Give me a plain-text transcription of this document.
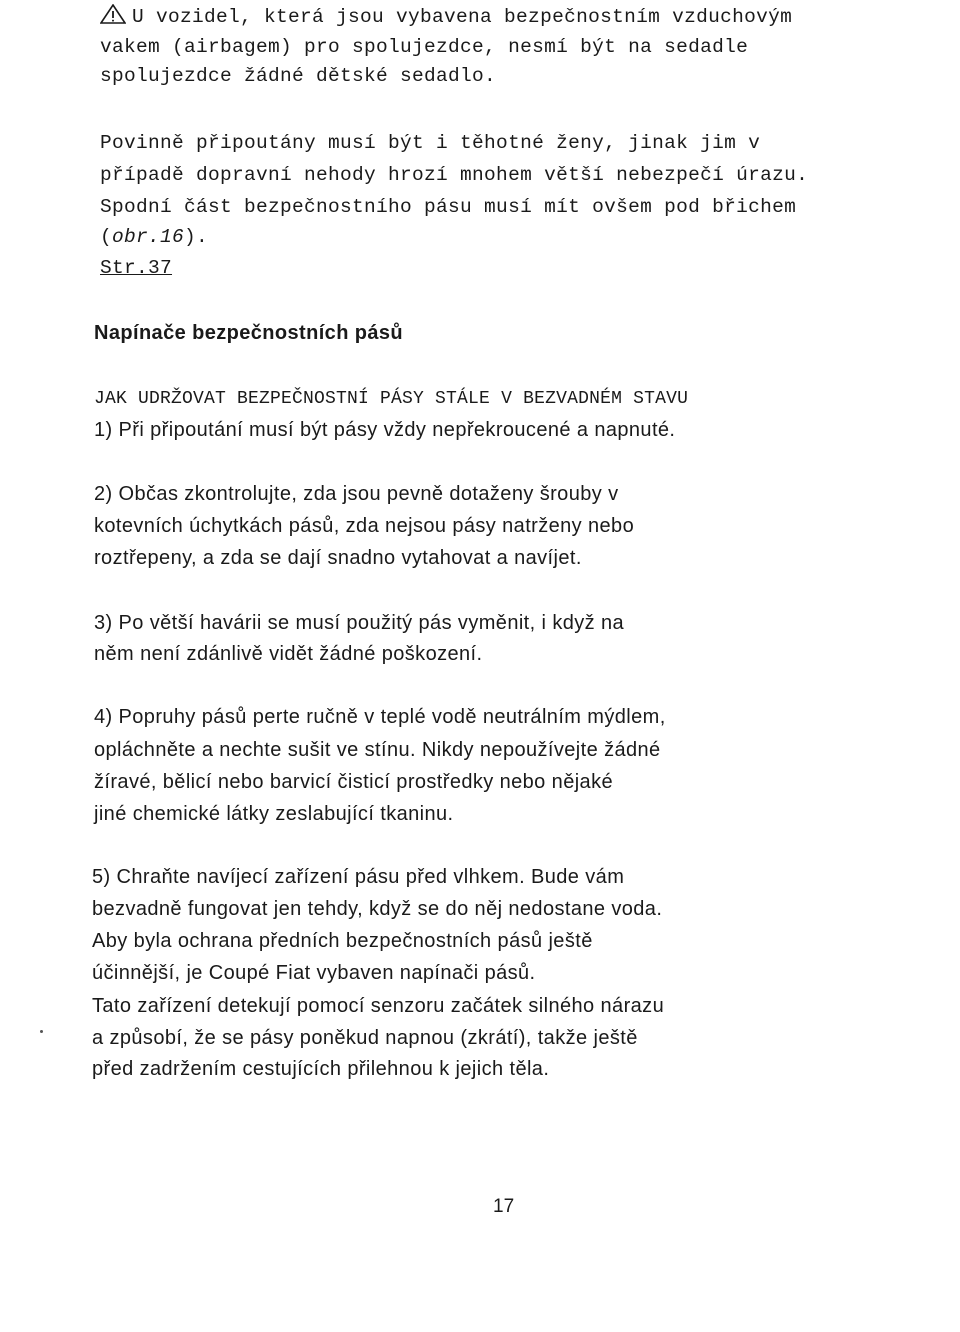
U vozidel, která jsou vybavena bezpečnostním vzduchovým
vakem (airbagem) pro spolujezdce, nesmí být na sedadle
spolujezdce žádné dětské sedadlo.
Povinně připoutány musí být i těhotné ženy, jinak jim v
případě dopravní nehody hrozí mnohem větší nebezpečí úrazu.
Spodní část bezpečnostního pásu musí mít ovšem pod břichem
(obr.16).
Str.37
Napínače bezpečnostních pásů
JAK UDRŽOVAT BEZPEČNOSTNÍ PÁSY STÁLE V BEZVADNÉM STAVU
1) Při připoutání musí být pásy vždy nepřekroucené a napnuté.
2) Občas zkontrolujte, zda jsou pevně dotaženy šrouby v
kotevních úchytkách pásů, zda nejsou pásy natrženy nebo
roztřepeny, a zda se dají snadno vytahovat a navíjet.
3) Po větší havárii se musí použitý pás vyměnit, i když na
něm není zdánlivě vidět žádné poškození.
4) Popruhy pásů perte ručně v teplé vodě neutrálním mýdlem,
opláchněte a nechte sušit ve stínu. Nikdy nepoužívejte žádné
žíravé, bělicí nebo barvicí čisticí prostředky nebo nějaké
jiné chemické látky zeslabující tkaninu.
5) Chraňte navíjecí zařízení pásu před vlhkem. Bude vám
bezvadně fungovat jen tehdy, když se do něj nedostane voda.
Aby byla ochrana předních bezpečnostních pásů ještě
účinnější, je Coupé Fiat vybaven napínači pásů.
Tato zařízení detekují pomocí senzoru začátek silného nárazu
a způsobí, že se pásy poněkud napnou (zkrátí), takže ještě
před zadržením cestujících přilehnou k jejich těla.
17
